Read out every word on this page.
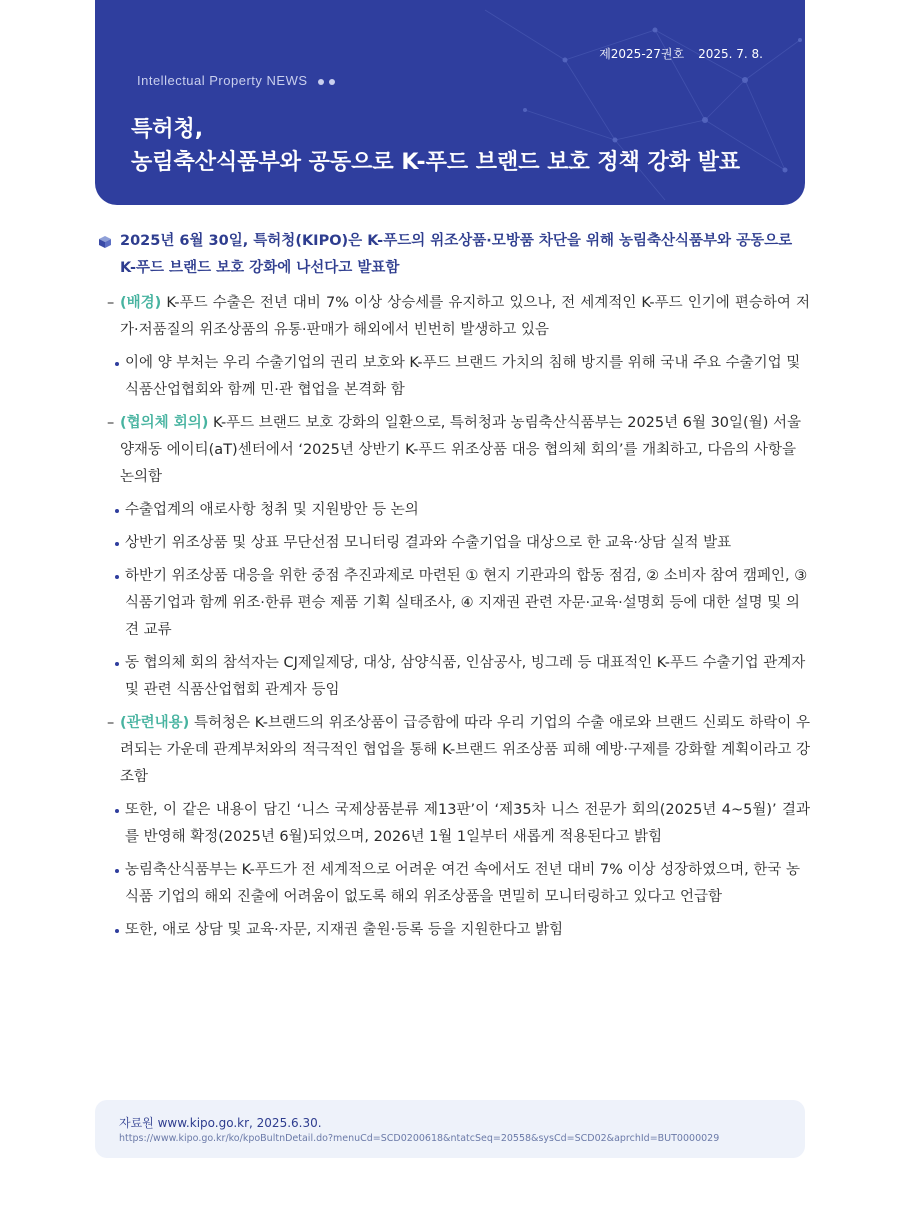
제2025-27권호 2025. 7. 8.
Intellectual Property NEWS
특허청,
농림축산식품부와 공동으로 K-푸드 브랜드 보호 정책 강화 발표
2025년 6월 30일, 특허청(KIPO)은 K-푸드의 위조상품·모방품 차단을 위해 농림축산식품부와 공동으로 K-푸드 브랜드 보호 강화에 나선다고 발표함
– (배경) K-푸드 수출은 전년 대비 7% 이상 상승세를 유지하고 있으나, 전 세계적인 K-푸드 인기에 편승하여 저가·저품질의 위조상품의 유통·판매가 해외에서 빈번히 발생하고 있음
이에 양 부처는 우리 수출기업의 권리 보호와 K-푸드 브랜드 가치의 침해 방지를 위해 국내 주요 수출기업 및 식품산업협회와 함께 민·관 협업을 본격화 함
– (협의체 회의) K-푸드 브랜드 보호 강화의 일환으로, 특허청과 농림축산식품부는 2025년 6월 30일(월) 서울 양재동 에이티(aT)센터에서 ‘2025년 상반기 K-푸드 위조상품 대응 협의체 회의’를 개최하고, 다음의 사항을 논의함
수출업계의 애로사항 청취 및 지원방안 등 논의
상반기 위조상품 및 상표 무단선점 모니터링 결과와 수출기업을 대상으로 한 교육·상담 실적 발표
하반기 위조상품 대응을 위한 중점 추진과제로 마련된 ① 현지 기관과의 합동 점검, ② 소비자 참여 캠페인, ③ 식품기업과 함께 위조·한류 편승 제품 기획 실태조사, ④ 지재권 관련 자문·교육·설명회 등에 대한 설명 및 의견 교류
동 협의체 회의 참석자는 CJ제일제당, 대상, 삼양식품, 인삼공사, 빙그레 등 대표적인 K-푸드 수출기업 관계자 및 관련 식품산업협회 관계자 등임
– (관련내용) 특허청은 K-브랜드의 위조상품이 급증함에 따라 우리 기업의 수출 애로와 브랜드 신뢰도 하락이 우려되는 가운데 관계부처와의 적극적인 협업을 통해 K-브랜드 위조상품 피해 예방·구제를 강화할 계획이라고 강조함
또한, 이 같은 내용이 담긴 ‘니스 국제상품분류 제13판’이 ‘제35차 니스 전문가 회의(2025년 4~5월)’ 결과를 반영해 확정(2025년 6월)되었으며, 2026년 1월 1일부터 새롭게 적용된다고 밝힘
농림축산식품부는 K-푸드가 전 세계적으로 어려운 여건 속에서도 전년 대비 7% 이상 성장하였으며, 한국 농식품 기업의 해외 진출에 어려움이 없도록 해외 위조상품을 면밀히 모니터링하고 있다고 언급함
또한, 애로 상담 및 교육·자문, 지재권 출원·등록 등을 지원한다고 밝힘
자료원 www.kipo.go.kr, 2025.6.30.
https://www.kipo.go.kr/ko/kpoBultnDetail.do?menuCd=SCD0200618&ntatcSeq=20558&sysCd=SCD02&aprchId=BUT0000029
